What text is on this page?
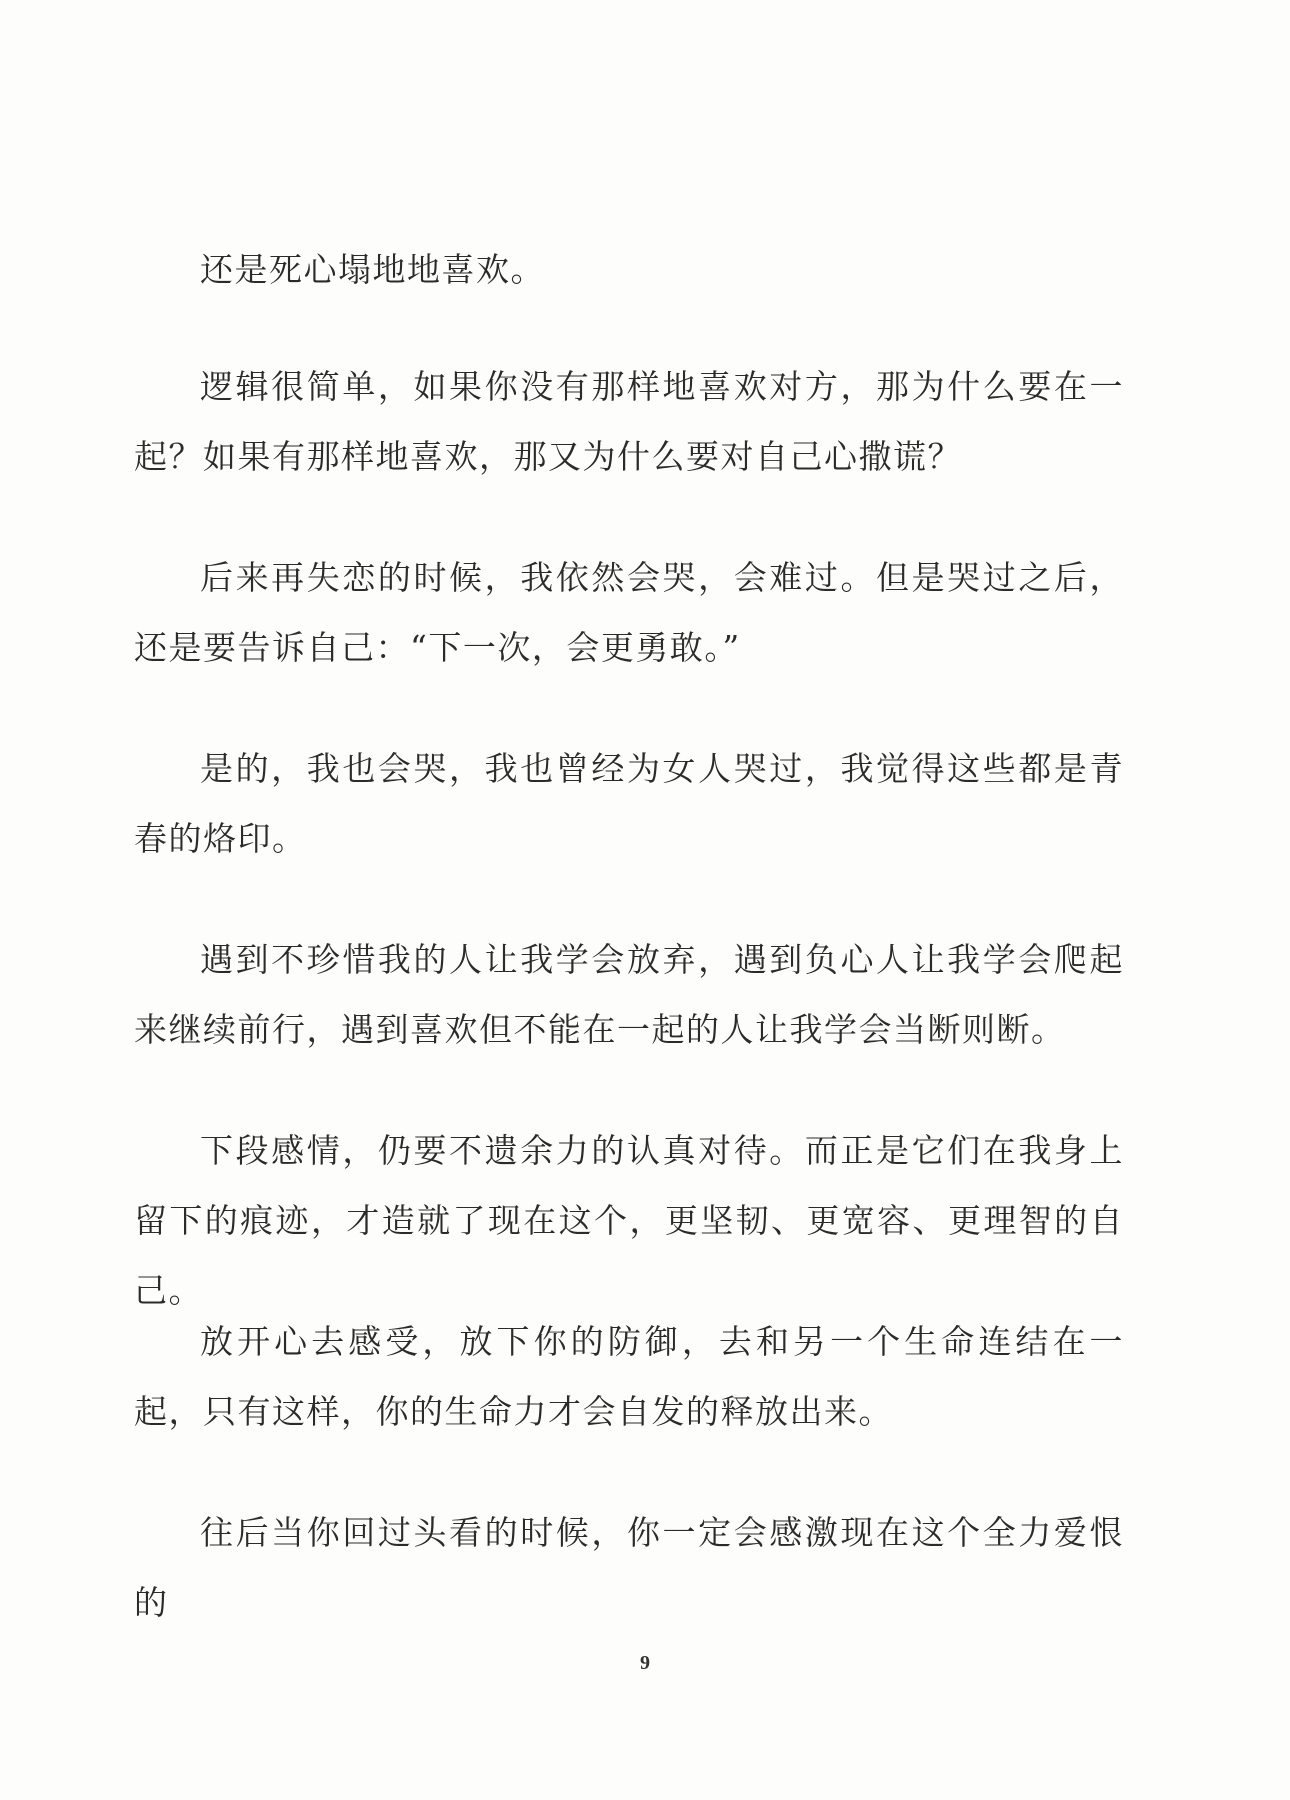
还是死心塌地地喜欢。

逻辑很简单，如果你没有那样地喜欢对方，那为什么要在一起？如果有那样地喜欢，那又为什么要对自己心撒谎？

后来再失恋的时候，我依然会哭，会难过。但是哭过之后，还是要告诉自己：“下一次，会更勇敢。”

是的，我也会哭，我也曾经为女人哭过，我觉得这些都是青春的烙印。

遇到不珍惜我的人让我学会放弃，遇到负心人让我学会爬起来继续前行，遇到喜欢但不能在一起的人让我学会当断则断。

下段感情，仍要不遗余力的认真对待。而正是它们在我身上留下的痕迹，才造就了现在这个，更坚韧、更宽容、更理智的自己。

放开心去感受，放下你的防御，去和另一个生命连结在一起，只有这样，你的生命力才会自发的释放出来。

往后当你回过头看的时候，你一定会感激现在这个全力爱恨的

9
